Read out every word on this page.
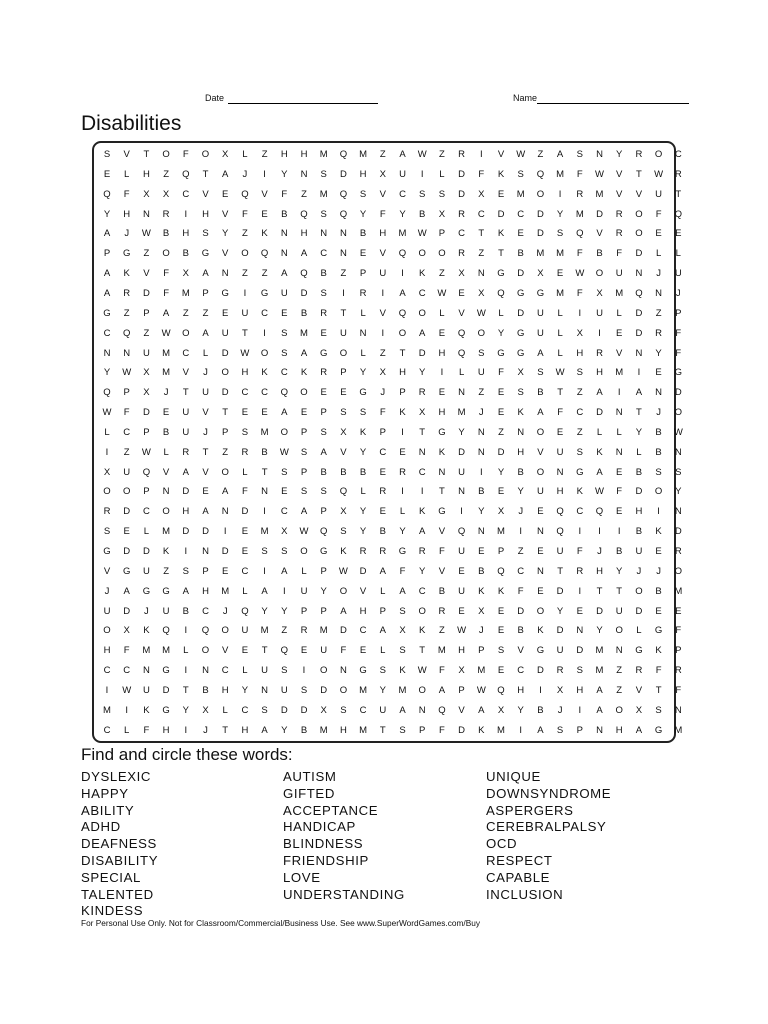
Date	Name
Disabilities
S	V	T	O	F	O	X	L	Z	H	H	M	Q	M	Z	A	W	Z	R	I	V	W	Z	A	S	N	Y	R	O	C
E	L	H	Z	Q	T	A	J	I	Y	N	S	D	H	X	U	I	L	D	F	K	S	Q	M	F	W	V	T	W	R
Q	F	X	X	C	V	E	Q	V	F	Z	M	Q	S	V	C	S	S	D	X	E	M	O	I	R	M	V	V	U	T
Y	H	N	R	I	H	V	F	E	B	Q	S	Q	Y	F	Y	B	X	R	C	D	C	D	Y	M	D	R	O	F	Q
A	J	W	B	H	S	Y	Z	K	N	H	N	N	B	H	M	W	P	C	T	K	E	D	S	Q	V	R	O	E	E
P	G	Z	O	B	G	V	O	Q	N	A	C	N	E	V	Q	O	O	R	Z	T	B	M	M	F	B	F	D	L	L
A	K	V	F	X	A	N	Z	Z	A	Q	B	Z	P	U	I	K	Z	X	N	G	D	X	E	W	O	U	N	J	U
A	R	D	F	M	P	G	I	G	U	D	S	I	R	I	A	C	W	E	X	Q	G	G	M	F	X	M	Q	N	J
G	Z	P	A	Z	Z	E	U	C	E	B	R	T	L	V	Q	O	L	V	W	L	D	U	L	I	U	L	D	Z	P
C	Q	Z	W	O	A	U	T	I	S	M	E	U	N	I	O	A	E	Q	O	Y	G	U	L	X	I	E	D	R	F
N	N	U	M	C	L	D	W	O	S	A	G	O	L	Z	T	D	H	Q	S	G	G	A	L	H	R	V	N	Y	F
Y	W	X	M	V	J	O	H	K	C	K	R	P	Y	X	H	Y	I	L	U	F	X	S	W	S	H	M	I	E	G
Q	P	X	J	T	U	D	C	C	Q	O	E	E	G	J	P	R	E	N	Z	E	S	B	T	Z	A	I	A	N	D
W	F	D	E	U	V	T	E	E	A	E	P	S	S	F	K	X	H	M	J	E	K	A	F	C	D	N	T	J	O
L	C	P	B	U	J	P	S	M	O	P	S	X	K	P	I	T	G	Y	N	Z	N	O	E	Z	L	L	Y	B	W
I	Z	W	L	R	T	Z	R	B	W	S	A	V	Y	C	E	N	K	D	N	D	H	V	U	S	K	N	L	B	N
X	U	Q	V	A	V	O	L	T	S	P	B	B	B	E	R	C	N	U	I	Y	B	O	N	G	A	E	B	S	S
O	O	P	N	D	E	A	F	N	E	S	S	Q	L	R	I	I	T	N	B	E	Y	U	H	K	W	F	D	O	Y
R	D	C	O	H	A	N	D	I	C	A	P	X	Y	E	L	K	G	I	Y	X	J	E	Q	C	Q	E	H	I	N
S	E	L	M	D	D	I	E	M	X	W	Q	S	Y	B	Y	A	V	Q	N	M	I	N	Q	I	I	I	B	K	D
G	D	D	K	I	N	D	E	S	S	O	G	K	R	R	G	R	F	U	E	P	Z	E	U	F	J	B	U	E	R
V	G	U	Z	S	P	E	C	I	A	L	P	W	D	A	F	Y	V	E	B	Q	C	N	T	R	H	Y	J	J	O
J	A	G	G	A	H	M	L	A	I	U	Y	O	V	L	A	C	B	U	K	K	F	E	D	I	T	T	O	B	M
U	D	J	U	B	C	J	Q	Y	Y	P	P	A	H	P	S	O	R	E	X	E	D	O	Y	E	D	U	D	E	E
O	X	K	Q	I	Q	O	U	M	Z	R	M	D	C	A	X	K	Z	W	J	E	B	K	D	N	Y	O	L	G	F
H	F	M	M	L	O	V	E	T	Q	E	U	F	E	L	S	T	M	H	P	S	V	G	U	D	M	N	G	K	P
C	C	N	G	I	N	C	L	U	S	I	O	N	G	S	K	W	F	X	M	E	C	D	R	S	M	Z	R	F	R
I	W	U	D	T	B	H	Y	N	U	S	D	O	M	Y	M	O	A	P	W	Q	H	I	X	H	A	Z	V	T	F
M	I	K	G	Y	X	L	C	S	D	D	X	S	C	U	A	N	Q	V	A	X	Y	B	J	I	A	O	X	S	N
C	L	F	H	I	J	T	H	A	Y	B	M	H	M	T	S	P	F	D	K	M	I	A	S	P	N	H	A	G	M
Find and circle these words:
DYSLEXIC
HAPPY
ABILITY
ADHD
DEAFNESS
DISABILITY
SPECIAL
TALENTED
KINDESS
AUTISM
GIFTED
ACCEPTANCE
HANDICAP
BLINDNESS
FRIENDSHIP
LOVE
UNDERSTANDING
UNIQUE
DOWNSYNDROME
ASPERGERS
CEREBRALPALSY
OCD
RESPECT
CAPABLE
INCLUSION
For Personal Use Only. Not for Classroom/Commercial/Business Use. See www.SuperWordGames.com/Buy
